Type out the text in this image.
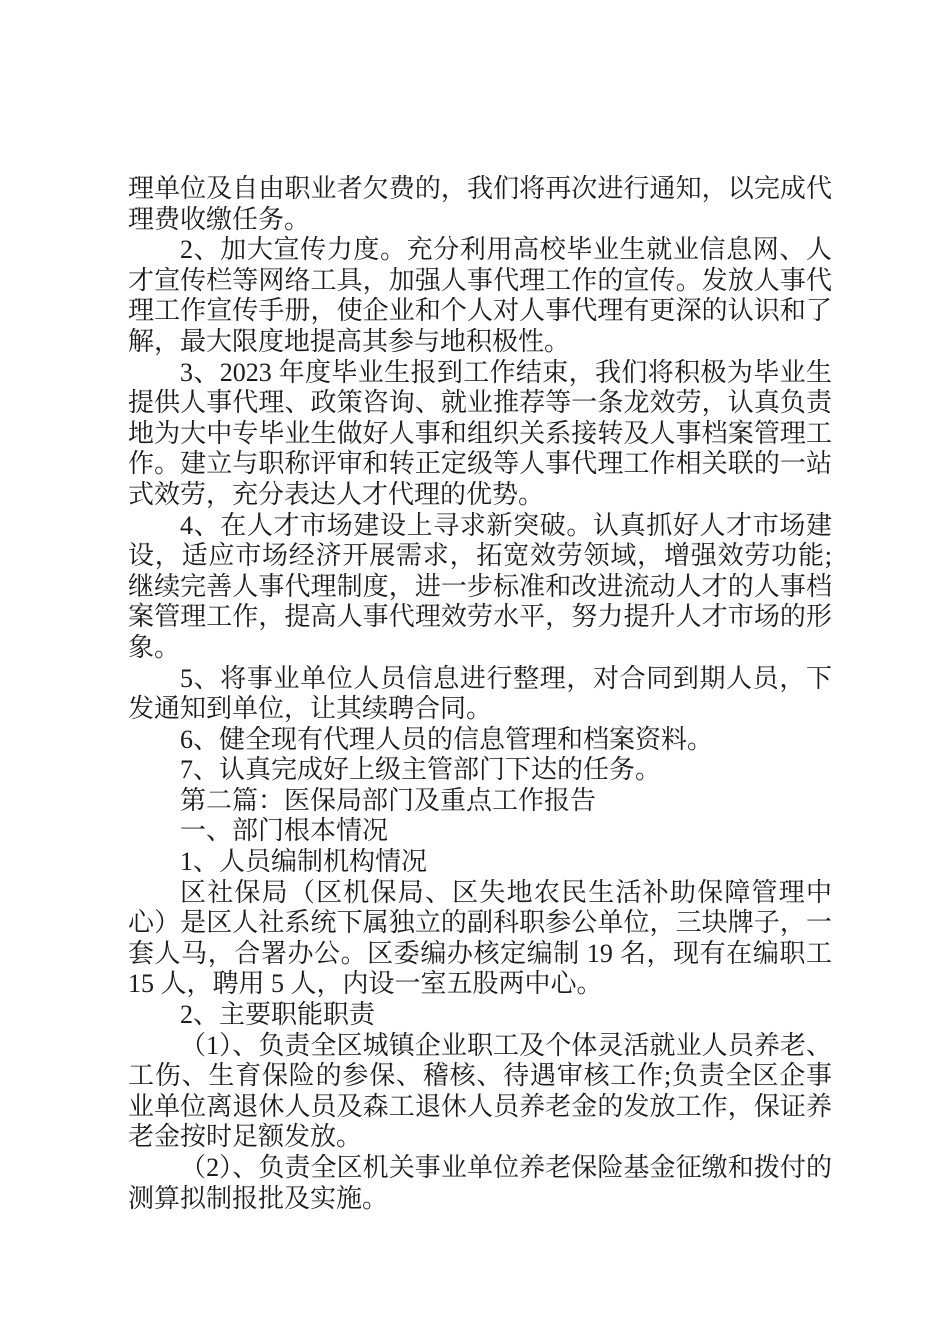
理单位及自由职业者欠费的，我们将再次进行通知，以完成代理费收缴任务。

2、加大宣传力度。充分利用高校毕业生就业信息网、人才宣传栏等网络工具，加强人事代理工作的宣传。发放人事代理工作宣传手册，使企业和个人对人事代理有更深的认识和了解，最大限度地提高其参与地积极性。

3、2023 年度毕业生报到工作结束，我们将积极为毕业生提供人事代理、政策咨询、就业推荐等一条龙效劳，认真负责地为大中专毕业生做好人事和组织关系接转及人事档案管理工作。建立与职称评审和转正定级等人事代理工作相关联的一站式效劳，充分表达人才代理的优势。

4、在人才市场建设上寻求新突破。认真抓好人才市场建设，适应市场经济开展需求，拓宽效劳领域，增强效劳功能;继续完善人事代理制度，进一步标准和改进流动人才的人事档案管理工作，提高人事代理效劳水平，努力提升人才市场的形象。

5、将事业单位人员信息进行整理，对合同到期人员，下发通知到单位，让其续聘合同。

6、健全现有代理人员的信息管理和档案资料。

7、认真完成好上级主管部门下达的任务。

第二篇：医保局部门及重点工作报告

一、部门根本情况

1、人员编制机构情况

区社保局（区机保局、区失地农民生活补助保障管理中心）是区人社系统下属独立的副科职参公单位，三块牌子，一套人马，合署办公。区委编办核定编制 19 名，现有在编职工 15 人，聘用 5 人，内设一室五股两中心。

2、主要职能职责

（1）、负责全区城镇企业职工及个体灵活就业人员养老、工伤、生育保险的参保、稽核、待遇审核工作;负责全区企事业单位离退休人员及森工退休人员养老金的发放工作，保证养老金按时足额发放。

（2）、负责全区机关事业单位养老保险基金征缴和拨付的测算拟制报批及实施。
